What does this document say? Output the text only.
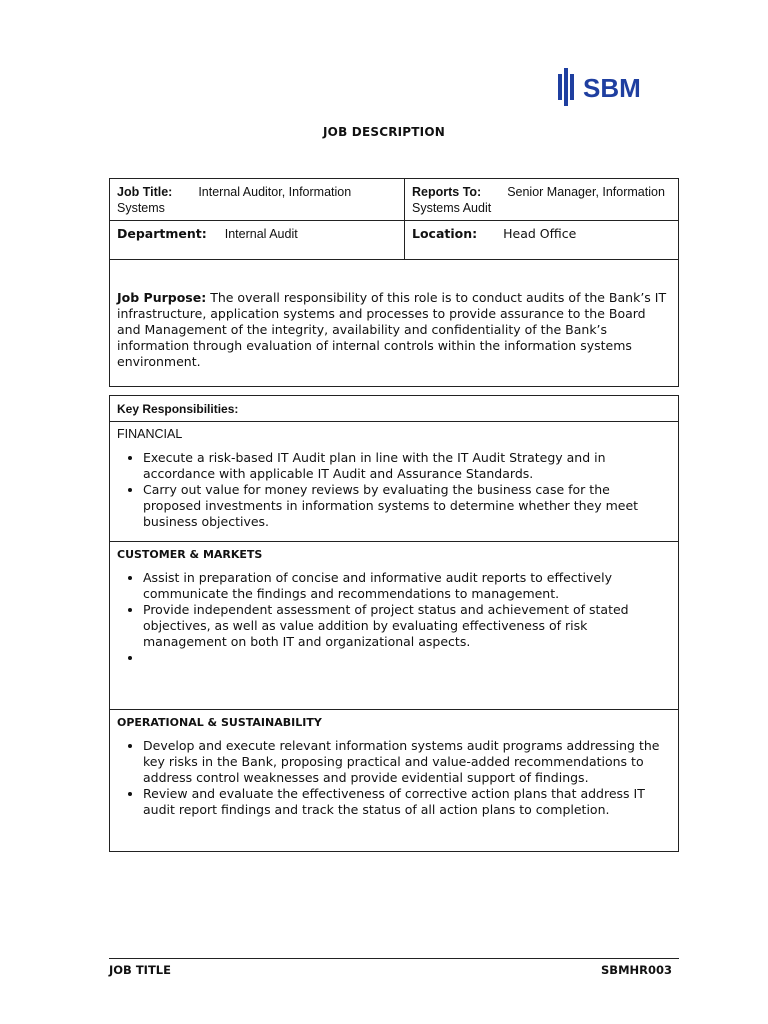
SBM
JOB DESCRIPTION
Job Title: Internal Auditor, Information Systems	Reports To: Senior Manager, Information Systems Audit
Department: Internal Audit	Location: Head Office
Job Purpose: The overall responsibility of this role is to conduct audits of the Bank’s IT infrastructure, application systems and processes to provide assurance to the Board and Management of the integrity, availability and confidentiality of the Bank’s information through evaluation of internal controls within the information systems environment.	
Key Responsibilities:

FINANCIAL
• Execute a risk-based IT Audit plan in line with the IT Audit Strategy and in accordance with applicable IT Audit and Assurance Standards.
• Carry out value for money reviews by evaluating the business case for the proposed investments in information systems to determine whether they meet business objectives.

CUSTOMER & MARKETS
• Assist in preparation of concise and informative audit reports to effectively communicate the findings and recommendations to management.
• Provide independent assessment of project status and achievement of stated objectives, as well as value addition by evaluating effectiveness of risk management on both IT and organizational aspects.
•

OPERATIONAL & SUSTAINABILITY
• Develop and execute relevant information systems audit programs addressing the key risks in the Bank, proposing practical and value-added recommendations to address control weaknesses and provide evidential support of findings.
• Review and evaluate the effectiveness of corrective action plans that address IT audit report findings and track the status of all action plans to completion.
JOB TITLE	SBMHR003
